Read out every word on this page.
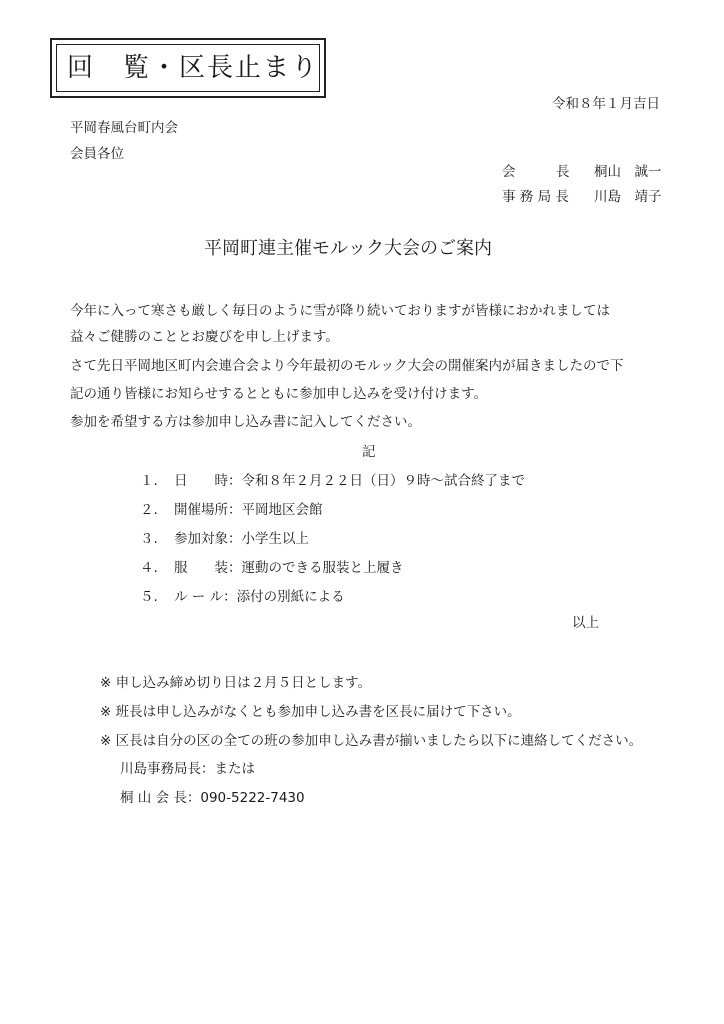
回　覧・区長止まり
令和８年１月吉日
平岡春風台町内会
会員各位
会　　　長 桐山　誠一
事 務 局 長 川島　靖子
平岡町連主催モルック大会のご案内
今年に入って寒さも厳しく毎日のように雪が降り続いておりますが皆様におかれましては
益々ご健勝のこととお慶びを申し上げます。
さて先日平岡地区町内会連合会より今年最初のモルック大会の開催案内が届きましたので下
記の通り皆様にお知らせするとともに参加申し込みを受け付けます。
参加を希望する方は参加申し込み書に記入してください。
記
１. 日　　時：令和８年２月２２日（日）９時～試合終了まで
２. 開催場所：平岡地区会館
３. 参加対象：小学生以上
４. 服　　装：運動のできる服装と上履き
５. ル ー ル：添付の別紙による
以上
※ 申し込み締め切り日は２月５日とします。
※ 班長は申し込みがなくとも参加申し込み書を区長に届けて下さい。
※ 区長は自分の区の全ての班の参加申し込み書が揃いましたら以下に連絡してください。
川島事務局長：または
桐 山 会 長：090-5222-7430
